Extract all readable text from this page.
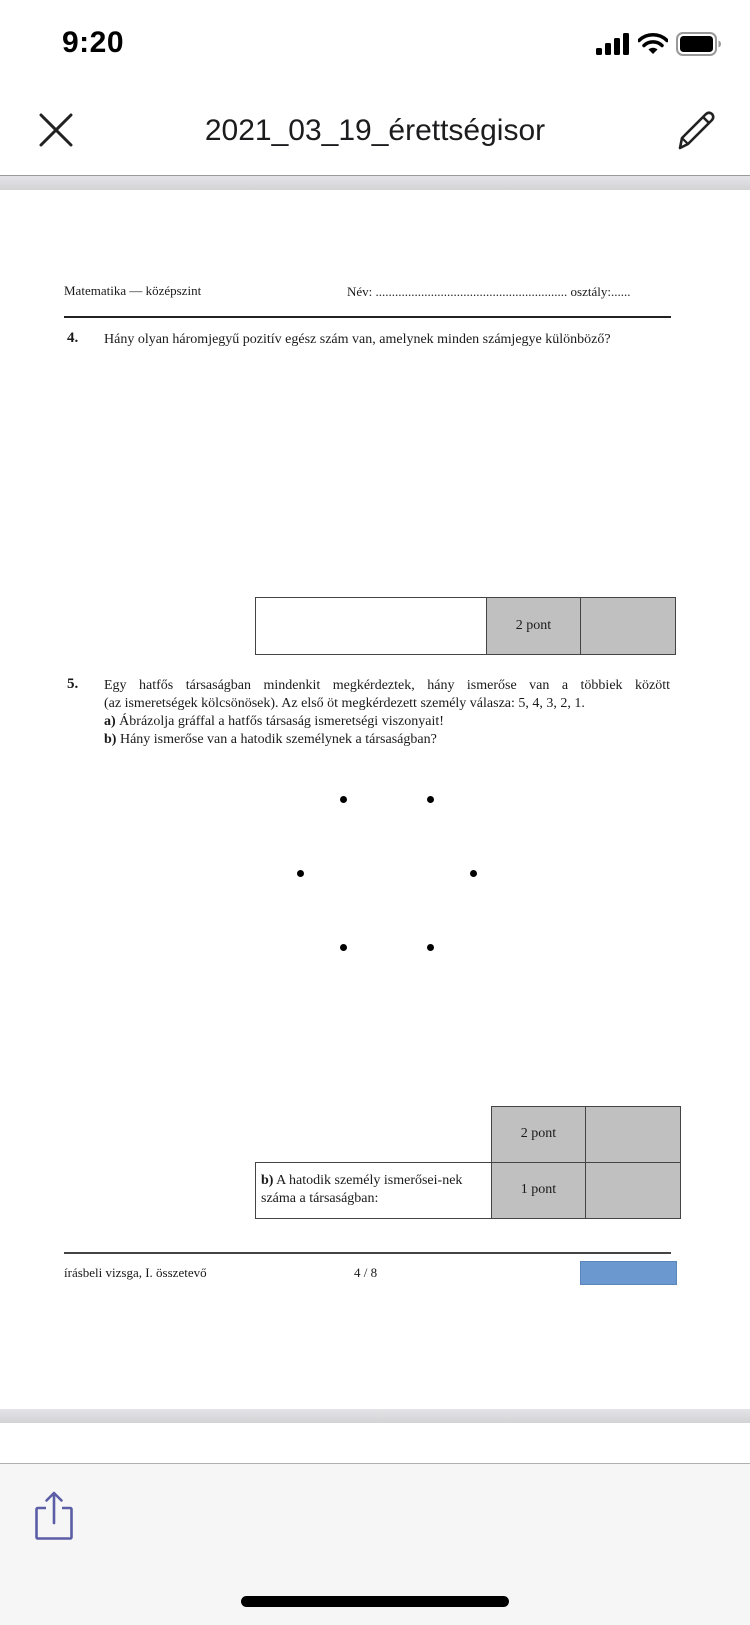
9:20
2021_03_19_érettségisor
Matematika — középszint	Név: ........................................................... osztály:......
4. Hány olyan háromjegyű pozitív egész szám van, amelynek minden számjegye különböző?
	2 pont	
5. Egy hatfős társaságban mindenkit megkérdeztek, hány ismerőse van a többiek között
(az ismeretségek kölcsönösek). Az első öt megkérdezett személy válasza: 5, 4, 3, 2, 1.
a) Ábrázolja gráffal a hatfős társaság ismeretségi viszonyait!
b) Hány ismerőse van a hatodik személynek a társaságban?
	2 pont	
b) A hatodik személy ismerősei-nek száma a társaságban:	1 pont	
írásbeli vizsga, I. összetevő	4 / 8
